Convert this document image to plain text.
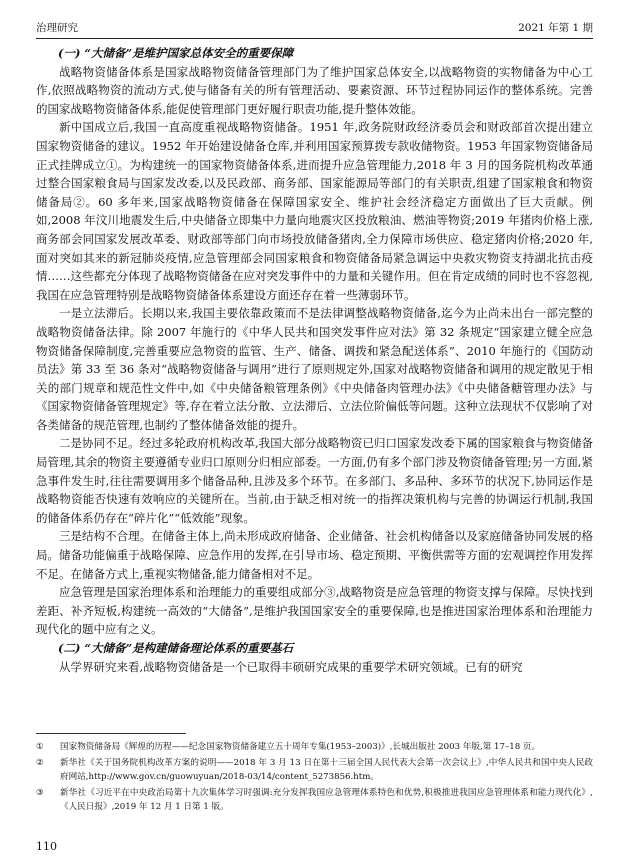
治理研究	2021 年第 1 期
(一) “大储备”是维护国家总体安全的重要保障

战略物资储备体系是国家战略物资储备管理部门为了维护国家总体安全,以战略物资的实物储备为中心工作,依照战略物资的流动方式,使与储备有关的所有管理活动、要素资源、环节过程协同运作的整体系统。完善的国家战略物资储备体系,能促使管理部门更好履行职责功能,提升整体效能。

新中国成立后,我国一直高度重视战略物资储备。1951 年,政务院财政经济委员会和财政部首次提出建立国家物资储备的建议。1952 年开始建设储备仓库,并利用国家预算拨专款收储物资。1953 年国家物资储备局正式挂牌成立①。为构建统一的国家物资储备体系,进而提升应急管理能力,2018 年 3 月的国务院机构改革通过整合国家粮食局与国家发改委,以及民政部、商务部、国家能源局等部门的有关职责,组建了国家粮食和物资储备局②。60 多年来,国家战略物资储备在保障国家安全、维护社会经济稳定方面做出了巨大贡献。例如,2008 年汶川地震发生后,中央储备立即集中力量向地震灾区投放粮油、燃油等物资;2019 年猪肉价格上涨,商务部会同国家发展改革委、财政部等部门向市场投放储备猪肉,全力保障市场供应、稳定猪肉价格;2020 年,面对突如其来的新冠肺炎疫情,应急管理部会同国家粮食和物资储备局紧急调运中央救灾物资支持湖北抗击疫情……这些都充分体现了战略物资储备在应对突发事件中的力量和关键作用。但在肯定成绩的同时也不容忽视,我国在应急管理特别是战略物资储备体系建设方面还存在着一些薄弱环节。

一是立法滞后。长期以来,我国主要依靠政策而不是法律调整战略物资储备,迄今为止尚未出台一部完整的战略物资储备法律。除 2007 年施行的《中华人民共和国突发事件应对法》第 32 条规定“国家建立健全应急物资储备保障制度,完善重要应急物资的监管、生产、储备、调拨和紧急配送体系”、2010 年施行的《国防动员法》第 33 至 36 条对“战略物资储备与调用”进行了原则规定外,国家对战略物资储备和调用的规定散见于相关的部门规章和规范性文件中,如《中央储备粮管理条例》《中央储备肉管理办法》《中央储备糖管理办法》与《国家物资储备管理规定》等,存在着立法分散、立法滞后、立法位阶偏低等问题。这种立法现状不仅影响了对各类储备的规范管理,也制约了整体储备效能的提升。

二是协同不足。经过多轮政府机构改革,我国大部分战略物资已归口国家发改委下属的国家粮食与物资储备局管理,其余的物资主要遵循专业归口原则分归相应部委。一方面,仍有多个部门涉及物资储备管理;另一方面,紧急事件发生时,往往需要调用多个储备品种,且涉及多个环节。在多部门、多品种、多环节的状况下,协同运作是战略物资能否快速有效响应的关键所在。当前,由于缺乏相对统一的指挥决策机构与完善的协调运行机制,我国的储备体系仍存在“碎片化”“低效能”现象。

三是结构不合理。在储备主体上,尚未形成政府储备、企业储备、社会机构储备以及家庭储备协同发展的格局。储备功能偏重于战略保障、应急作用的发挥,在引导市场、稳定预期、平衡供需等方面的宏观调控作用发挥不足。在储备方式上,重视实物储备,能力储备相对不足。

应急管理是国家治理体系和治理能力的重要组成部分③,战略物资是应急管理的物资支撑与保障。尽快找到差距、补齐短板,构建统一高效的“大储备”,是维护我国国家安全的重要保障,也是推进国家治理体系和治理能力现代化的题中应有之义。

(二) “大储备”是构建储备理论体系的重要基石

从学界研究来看,战略物资储备是一个已取得丰硕研究成果的重要学术研究领域。已有的研究

①	国家物资储备局《辉煌的历程——纪念国家物资储备建立五十周年专集(1953–2003)》,长城出版社 2003 年版,第 17–18 页。
②	新华社《关于国务院机构改革方案的说明——2018 年 3 月 13 日在第十三届全国人民代表大会第一次会议上》,中华人民共和国中央人民政府网站,http://www.gov.cn/guowuyuan/2018-03/14/content_5273856.htm。
③	新华社《习近平在中央政治局第十九次集体学习时强调:充分发挥我国应急管理体系特色和优势,积极推进我国应急管理体系和能力现代化》,《人民日报》,2019 年 12 月 1 日第 1 版。
110
